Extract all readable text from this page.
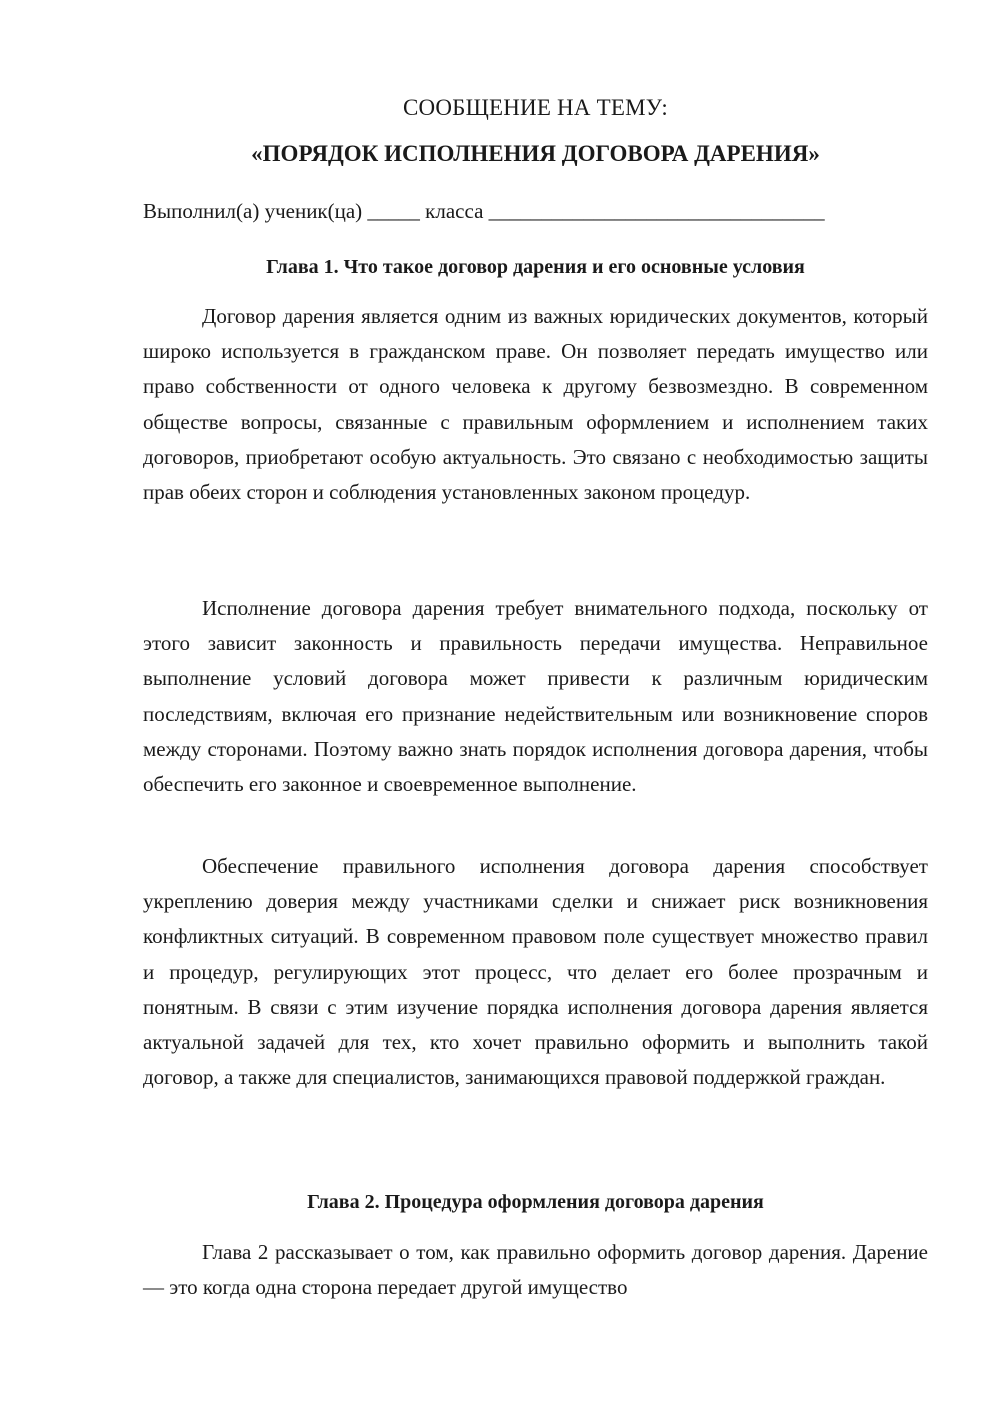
СООБЩЕНИЕ НА ТЕМУ:
«ПОРЯДОК ИСПОЛНЕНИЯ ДОГОВОРА ДАРЕНИЯ»
Выполнил(а) ученик(ца) _____ класса ________________________________
Глава 1. Что такое договор дарения и его основные условия

Договор дарения является одним из важных юридических документов, который широко используется в гражданском праве. Он позволяет передать имущество или право собственности от одного человека к другому безвозмездно. В современном обществе вопросы, связанные с правильным оформлением и исполнением таких договоров, приобретают особую актуальность. Это связано с необходимостью защиты прав обеих сторон и соблюдения установленных законом процедур.

Исполнение договора дарения требует внимательного подхода, поскольку от этого зависит законность и правильность передачи имущества. Неправильное выполнение условий договора может привести к различным юридическим последствиям, включая его признание недействительным или возникновение споров между сторонами. Поэтому важно знать порядок исполнения договора дарения, чтобы обеспечить его законное и своевременное выполнение.

Обеспечение правильного исполнения договора дарения способствует укреплению доверия между участниками сделки и снижает риск возникновения конфликтных ситуаций. В современном правовом поле существует множество правил и процедур, регулирующих этот процесс, что делает его более прозрачным и понятным. В связи с этим изучение порядка исполнения договора дарения является актуальной задачей для тех, кто хочет правильно оформить и выполнить такой договор, а также для специалистов, занимающихся правовой поддержкой граждан.

Глава 2. Процедура оформления договора дарения

Глава 2 рассказывает о том, как правильно оформить договор дарения. Дарение — это когда одна сторона передает другой имущество
